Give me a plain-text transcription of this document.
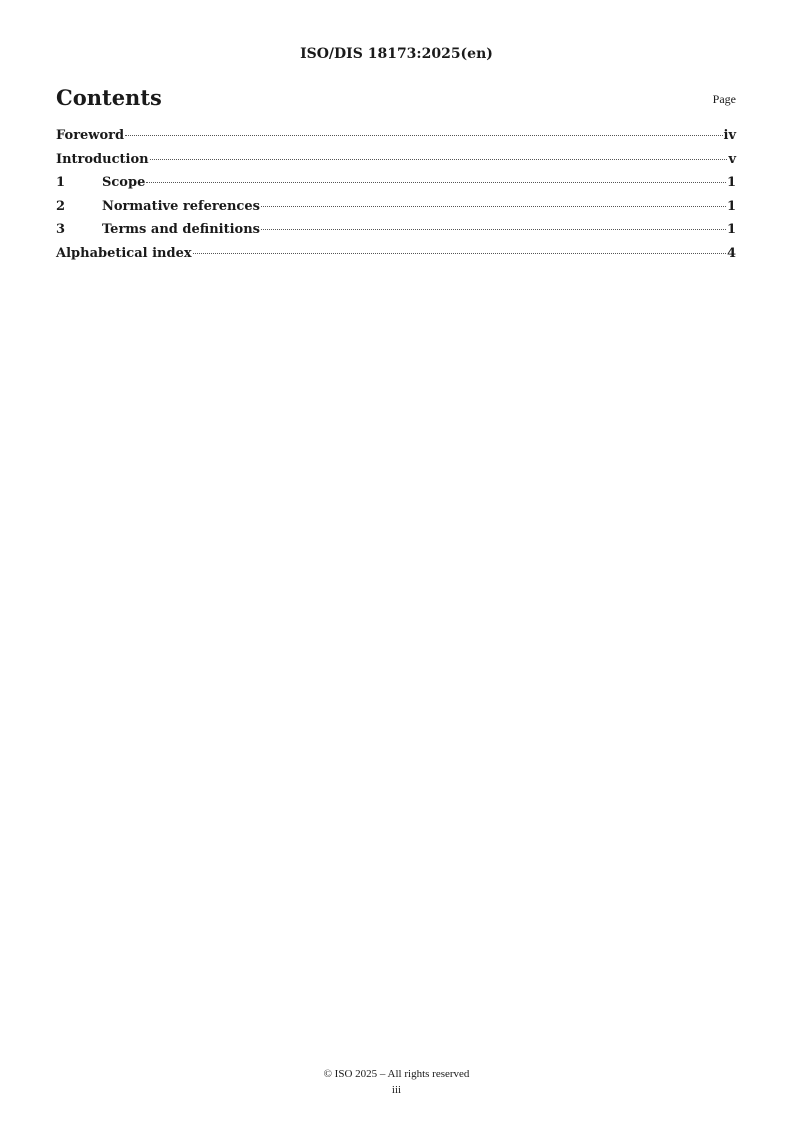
ISO/DIS 18173:2025(en)
Contents	Page
Foreword	iv
Introduction	v
1	Scope	1
2	Normative references	1
3	Terms and definitions	1
Alphabetical index	4
© ISO 2025 – All rights reserved
iii
